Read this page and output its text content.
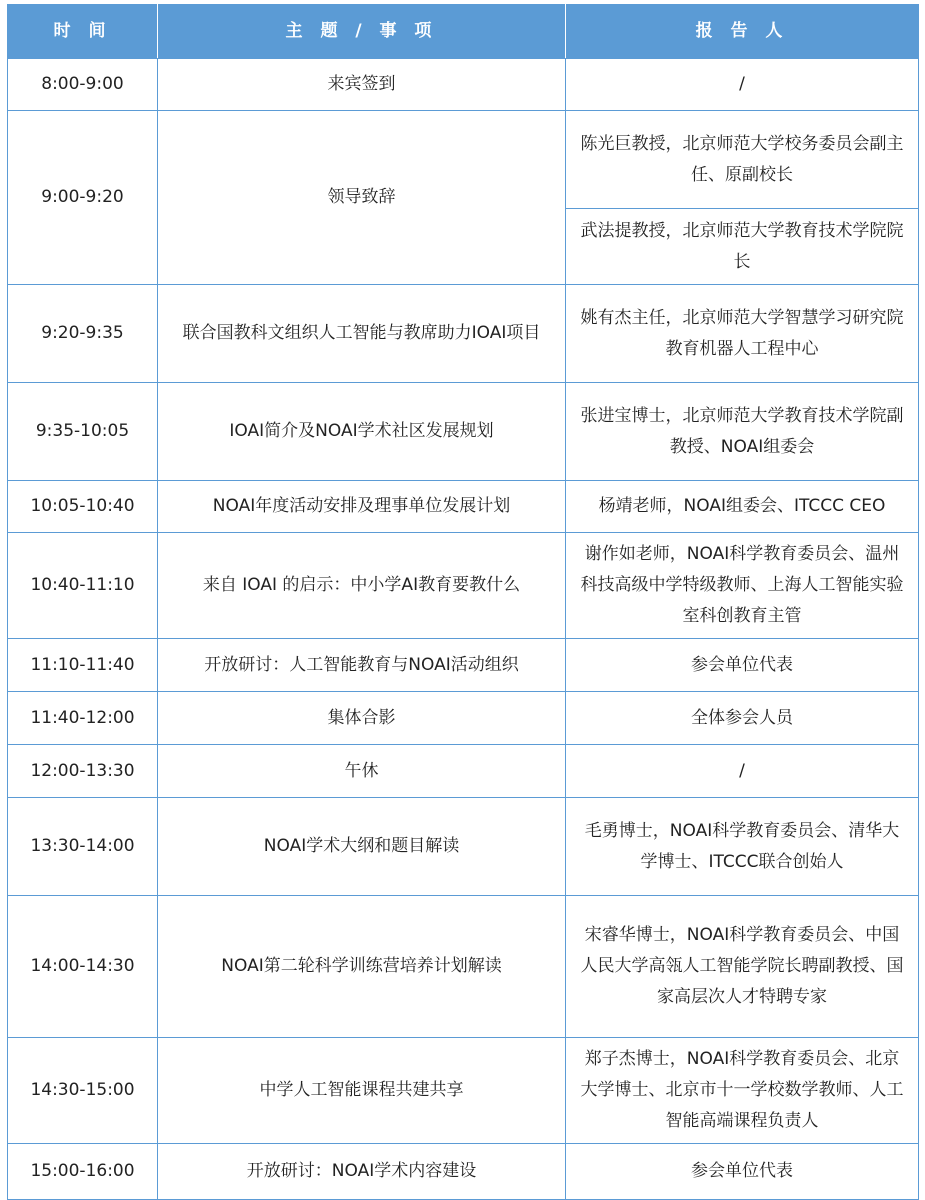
时 间	主 题 / 事 项	报 告 人
8:00-9:00	来宾签到	/
9:00-9:20	领导致辞	陈光巨教授，北京师范大学校务委员会副主任、原副校长
		武法提教授，北京师范大学教育技术学院院长
9:20-9:35	联合国教科文组织人工智能与教席助力IOAI项目	姚有杰主任，北京师范大学智慧学习研究院教育机器人工程中心
9:35-10:05	IOAI简介及NOAI学术社区发展规划	张进宝博士，北京师范大学教育技术学院副教授、NOAI组委会
10:05-10:40	NOAI年度活动安排及理事单位发展计划	杨靖老师，NOAI组委会、ITCCC CEO
10:40-11:10	来自 IOAI 的启示：中小学AI教育要教什么	谢作如老师，NOAI科学教育委员会、温州科技高级中学特级教师、上海人工智能实验室科创教育主管
11:10-11:40	开放研讨：人工智能教育与NOAI活动组织	参会单位代表
11:40-12:00	集体合影	全体参会人员
12:00-13:30	午休	/
13:30-14:00	NOAI学术大纲和题目解读	毛勇博士，NOAI科学教育委员会、清华大学博士、ITCCC联合创始人
14:00-14:30	NOAI第二轮科学训练营培养计划解读	宋睿华博士，NOAI科学教育委员会、中国人民大学高瓴人工智能学院长聘副教授、国家高层次人才特聘专家
14:30-15:00	中学人工智能课程共建共享	郑子杰博士，NOAI科学教育委员会、北京大学博士、北京市十一学校数学教师、人工智能高端课程负责人
15:00-16:00	开放研讨：NOAI学术内容建设	参会单位代表
